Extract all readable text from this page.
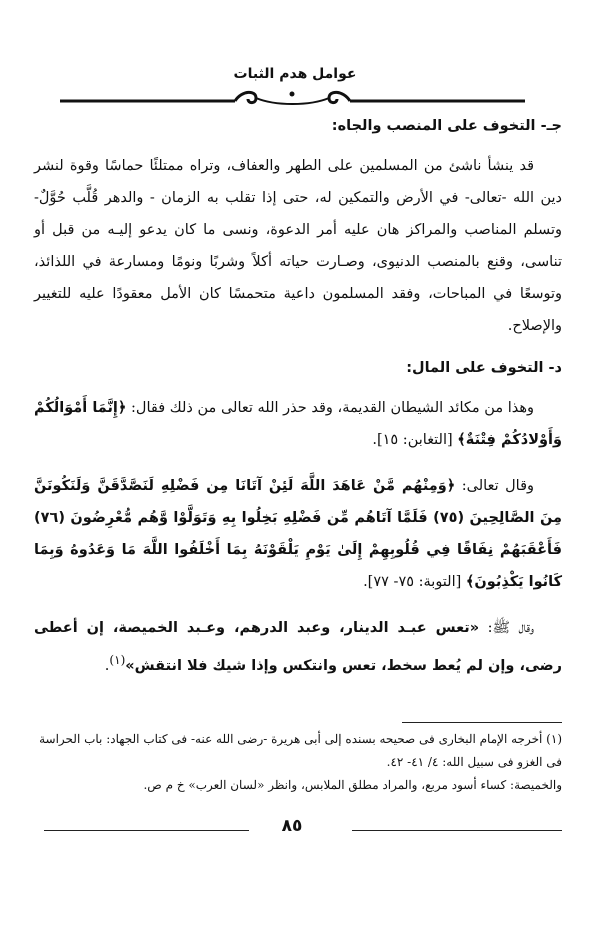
عوامل هدم الثبات
جـ- التخوف على المنصب والجاه:

قد ينشأ ناشئ من المسلمين على الطهر والعفاف، وتراه ممتلئًا حماسًا وقوة لنشر دين الله -تعالى- في الأرض والتمكين له، حتى إذا تقلب به الزمان - والدهر قُلَّب حُوَّلٌ- وتسلم المناصب والمراكز هان عليه أمر الدعوة، ونسى ما كان يدعو إليـه من قبل أو تناسى، وقنع بالمنصب الدنيوى، وصـارت حياته أكلاً وشربًا ونومًا ومسارعة في اللذائذ، وتوسعًا في المباحات، وفقد المسلمون داعية متحمسًا كان الأمل معقودًا عليه للتغيير والإصلاح.

د- التخوف على المال:

وهذا من مكائد الشيطان القديمة، وقد حذر الله تعالى من ذلك فقال: ﴿إِنَّمَا أَمْوَالُكُمْ وَأَوْلادُكُمْ فِتْنَةٌ﴾ [التغابن: ١٥].

وقال تعالى: ﴿وَمِنْهُم مَّنْ عَاهَدَ اللَّهَ لَئِنْ آتَانَا مِن فَضْلِهِ لَنَصَّدَّقَنَّ وَلَنَكُونَنَّ مِنَ الصَّالِحِينَ (٧٥) فَلَمَّا آتَاهُم مِّن فَضْلِهِ بَخِلُوا بِهِ وَتَوَلَّوْا وَّهُم مُّعْرِضُونَ (٧٦) فَأَعْقَبَهُمْ نِفَاقًا فِي قُلُوبِهِمْ إِلَىٰ يَوْمِ يَلْقَوْنَهُ بِمَا أَخْلَفُوا اللَّهَ مَا وَعَدُوهُ وَبِمَا كَانُوا يَكْذِبُونَ﴾ [التوبة: ٧٥- ٧٧].

وقال ﷺ: «تعس عبـد الدينار، وعبد الدرهم، وعـبد الخميصة، إن أعطى رضى، وإن لم يُعط سخط، تعس وانتكس وإذا شيك فلا انتقش»$^{(١)}$.

(١) أخرجه الإمام البخارى فى صحيحه بسنده إلى أبى هريرة -رضى الله عنه- فى كتاب الجهاد: باب الحراسة فى الغزو فى سبيل الله: ٤/ ٤١- ٤٢.

والخميصة: كساء أسود مربع، والمراد مطلق الملابس، وانظر «لسان العرب» خ م ص.

٨٥
